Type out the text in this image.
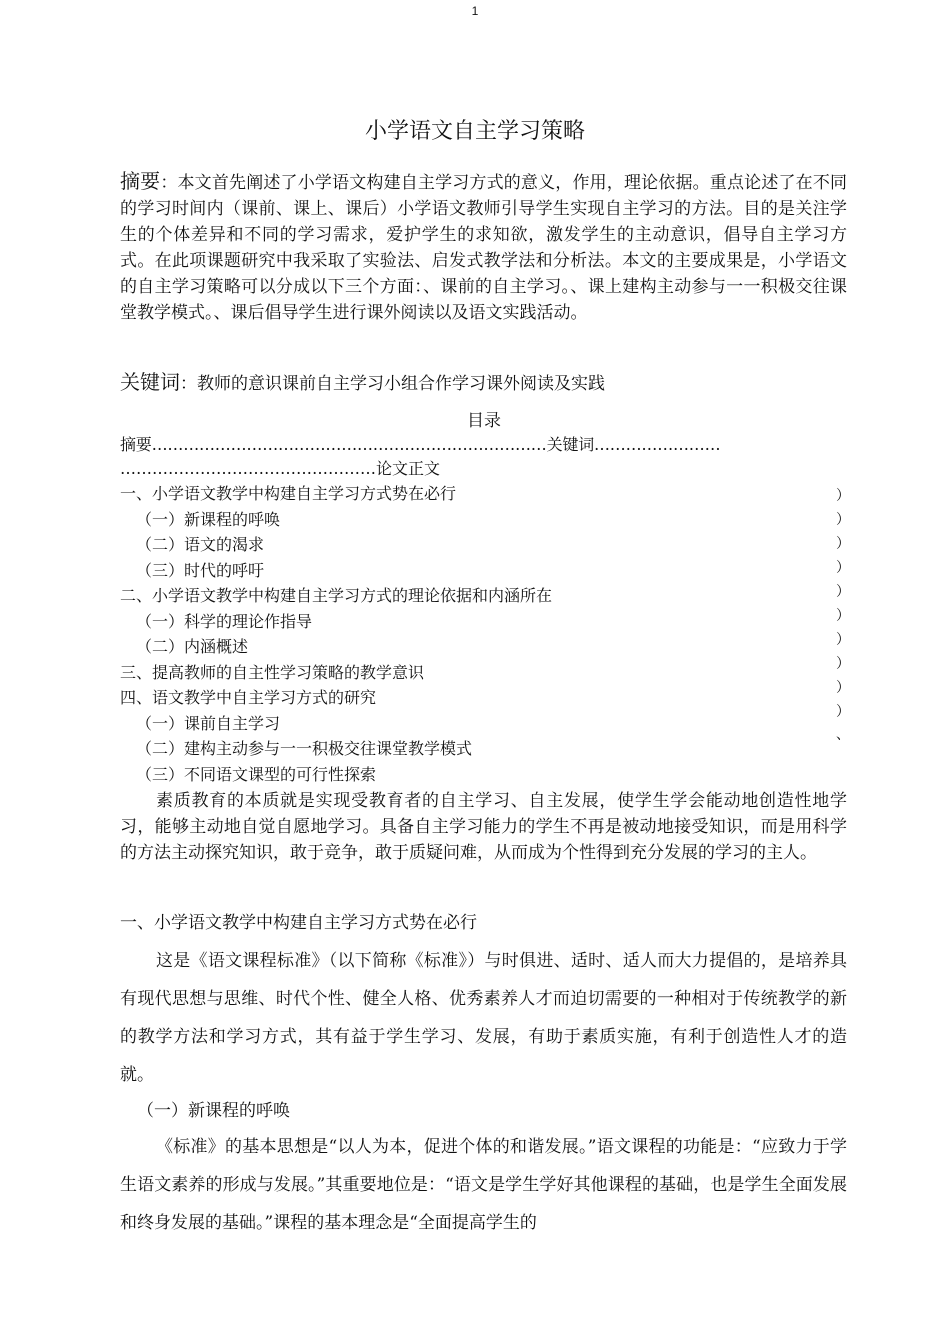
1
小学语文自主学习策略
摘要：本文首先阐述了小学语文构建自主学习方式的意义，作用，理论依据。重点论述了在不同的学习时间内（课前、课上、课后）小学语文教师引导学生实现自主学习的方法。目的是关注学生的个体差异和不同的学习需求，爱护学生的求知欲，激发学生的主动意识，倡导自主学习方式。在此项课题研究中我采取了实验法、启发式教学法和分析法。本文的主要成果是，小学语文的自主学习策略可以分成以下三个方面：、课前的自主学习。、课上建构主动参与一一积极交往课堂教学模式。、课后倡导学生进行课外阅读以及语文实践活动。
关键词：教师的意识课前自主学习小组合作学习课外阅读及实践
目录
摘要…………………………………………………………………关键词……………………
…………………………………………论文正文
一、小学语文教学中构建自主学习方式势在必行
（一）新课程的呼唤
（二）语文的渴求
（三）时代的呼吁
二、小学语文教学中构建自主学习方式的理论依据和内涵所在
（一）科学的理论作指导
（二）内涵概述
三、提高教师的自主性学习策略的教学意识
四、语文教学中自主学习方式的研究
（一）课前自主学习
（二）建构主动参与一一积极交往课堂教学模式
（三）不同语文课型的可行性探索
）
）
）
）
）
）
）
）
）
）
、
素质教育的本质就是实现受教育者的自主学习、自主发展，使学生学会能动地创造性地学习，能够主动地自觉自愿地学习。具备自主学习能力的学生不再是被动地接受知识，而是用科学的方法主动探究知识，敢于竞争，敢于质疑问难，从而成为个性得到充分发展的学习的主人。
一、小学语文教学中构建自主学习方式势在必行
这是《语文课程标准》（以下简称《标准》）与时俱进、适时、适人而大力提倡的，是培养具有现代思想与思维、时代个性、健全人格、优秀素养人才而迫切需要的一种相对于传统教学的新的教学方法和学习方式，其有益于学生学习、发展，有助于素质实施，有利于创造性人才的造就。
（一）新课程的呼唤
《标准》的基本思想是“以人为本，促进个体的和谐发展。”语文课程的功能是：“应致力于学生语文素养的形成与发展。”其重要地位是：“语文是学生学好其他课程的基础，也是学生全面发展和终身发展的基础。”课程的基本理念是“全面提高学生的
